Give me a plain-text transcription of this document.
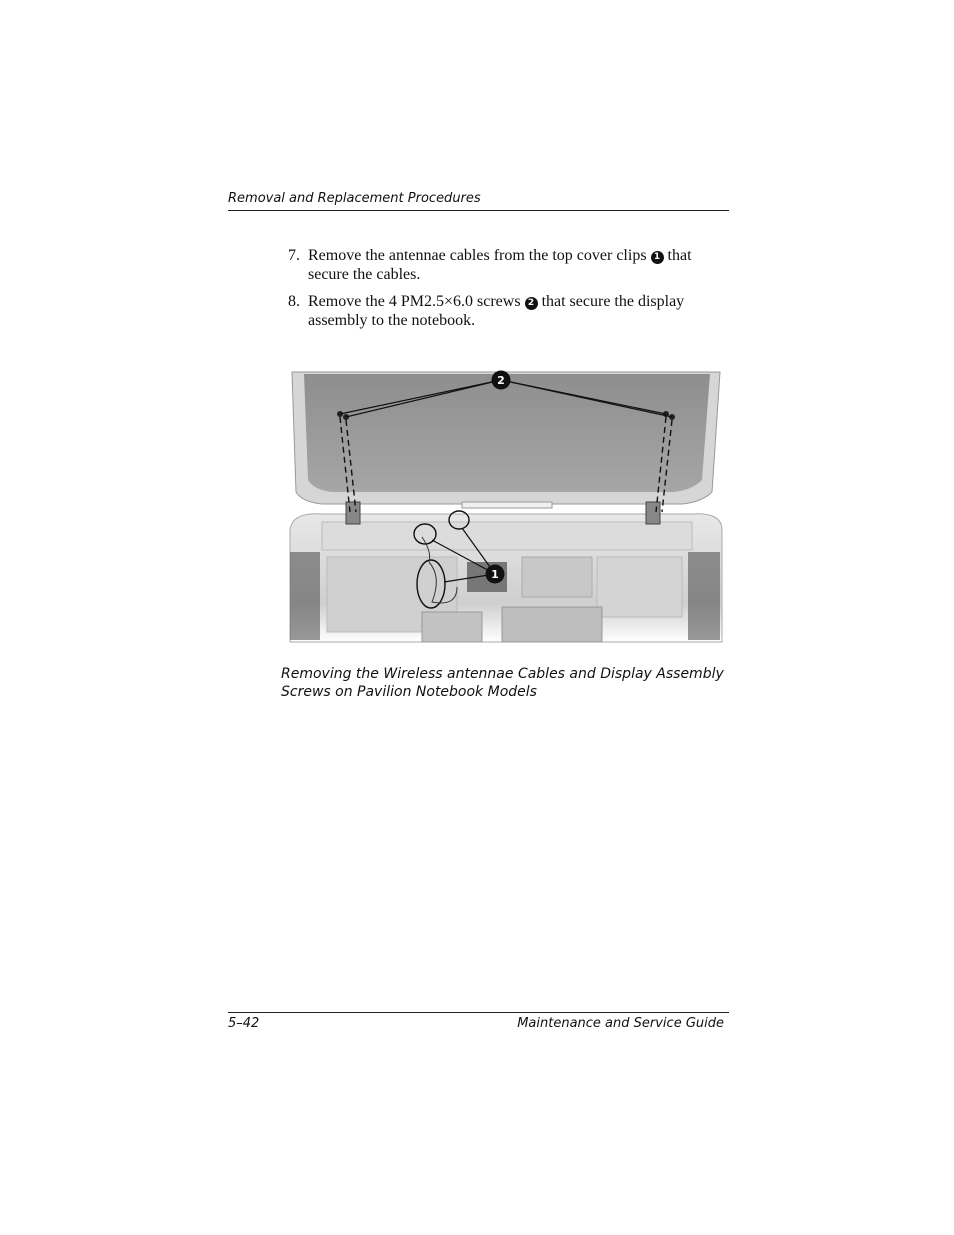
Removal and Replacement Procedures
7. Remove the antennae cables from the top cover clips 1 that secure the cables.
8. Remove the 4 PM2.5×6.0 screws 2 that secure the display assembly to the notebook.
2
1
Removing the Wireless antennae Cables and Display Assembly
Screws on Pavilion Notebook Models
5–42	Maintenance and Service Guide
